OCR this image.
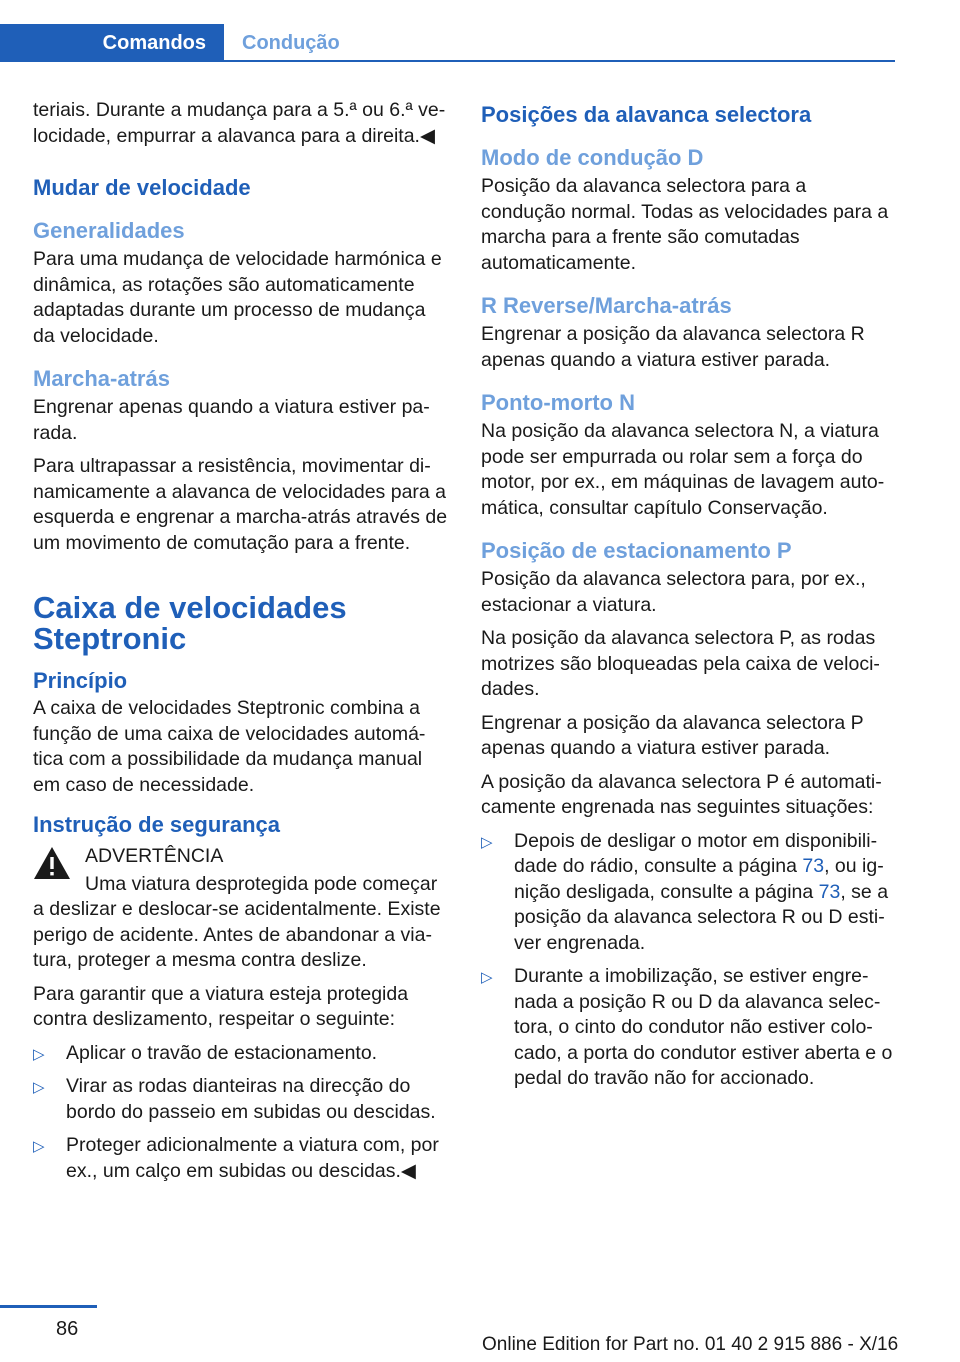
Comandos	Condução

teriais. Durante a mudança para a 5.ª ou 6.ª velocidade, empurrar a alavanca para a direita.◀

Mudar de velocidade
Generalidades

Para uma mudança de velocidade harmónica e dinâmica, as rotações são automaticamente adaptadas durante um processo de mudança da velocidade.

Marcha-atrás

Engrenar apenas quando a viatura estiver parada.

Para ultrapassar a resistência, movimentar dinamicamente a alavanca de velocidades para a esquerda e engrenar a marcha-atrás através de um movimento de comutação para a frente.

Caixa de velocidades Steptronic
Princípio

A caixa de velocidades Steptronic combina a função de uma caixa de velocidades automática com a possibilidade da mudança manual em caso de necessidade.

Instrução de segurança

ADVERTÊNCIA

Uma viatura desprotegida pode começar

a deslizar e deslocar-se acidentalmente. Existe perigo de acidente. Antes de abandonar a viatura, proteger a mesma contra deslize.

Para garantir que a viatura esteja protegida contra deslizamento, respeitar o seguinte:

▷ Aplicar o travão de estacionamento.
▷ Virar as rodas dianteiras na direcção do bordo do passeio em subidas ou descidas.
▷ Proteger adicionalmente a viatura com, por ex., um calço em subidas ou descidas.◀
Posições da alavanca selectora
Modo de condução D

Posição da alavanca selectora para a condução normal. Todas as velocidades para a marcha para a frente são comutadas automaticamente.

R Reverse/Marcha-atrás

Engrenar a posição da alavanca selectora R apenas quando a viatura estiver parada.

Ponto-morto N

Na posição da alavanca selectora N, a viatura pode ser empurrada ou rolar sem a força do motor, por ex., em máquinas de lavagem automática, consultar capítulo Conservação.

Posição de estacionamento P

Posição da alavanca selectora para, por ex., estacionar a viatura.

Na posição da alavanca selectora P, as rodas motrizes são bloqueadas pela caixa de velocidades.

Engrenar a posição da alavanca selectora P apenas quando a viatura estiver parada.

A posição da alavanca selectora P é automaticamente engrenada nas seguintes situações:

▷ Depois de desligar o motor em disponibilidade do rádio, consulte a página 73, ou ignição desligada, consulte a página 73, se a posição da alavanca selectora R ou D estiver engrenada.
▷ Durante a imobilização, se estiver engrenada a posição R ou D da alavanca selectora, o cinto do condutor não estiver colocado, a porta do condutor estiver aberta e o pedal do travão não for accionado.
86
Online Edition for Part no. 01 40 2 915 886 - X/16
